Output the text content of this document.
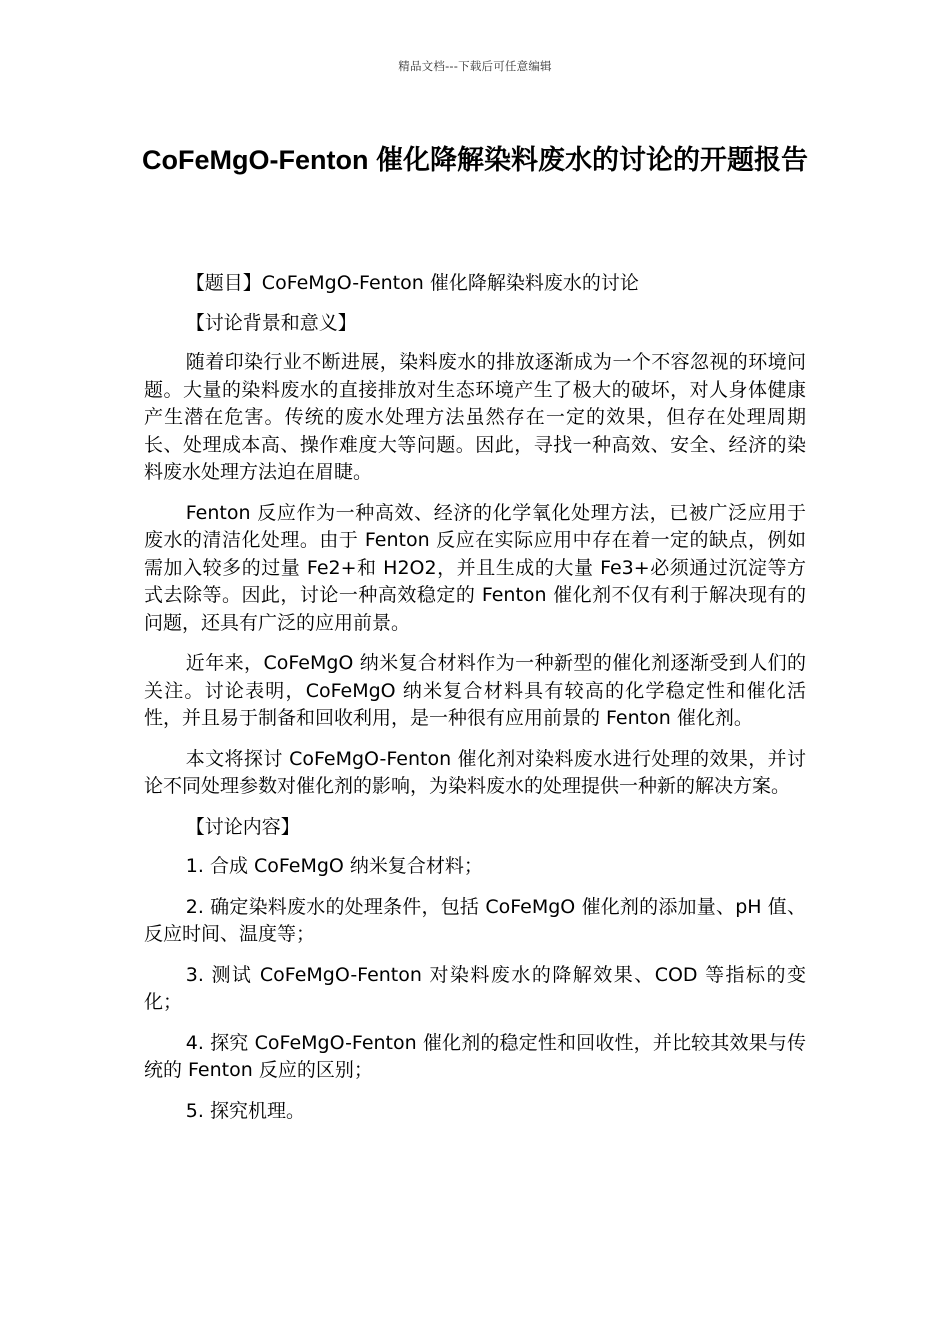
精品文档---下载后可任意编辑
CoFeMgO-Fenton 催化降解染料废水的讨论的开题报告

【题目】CoFeMgO-Fenton 催化降解染料废水的讨论

【讨论背景和意义】

随着印染行业不断进展，染料废水的排放逐渐成为一个不容忽视的环境问题。大量的染料废水的直接排放对生态环境产生了极大的破坏，对人身体健康产生潜在危害。传统的废水处理方法虽然存在一定的效果，但存在处理周期长、处理成本高、操作难度大等问题。因此，寻找一种高效、安全、经济的染料废水处理方法迫在眉睫。

Fenton 反应作为一种高效、经济的化学氧化处理方法，已被广泛应用于废水的清洁化处理。由于 Fenton 反应在实际应用中存在着一定的缺点，例如需加入较多的过量 Fe2+和 H2O2，并且生成的大量 Fe3+必须通过沉淀等方式去除等。因此，讨论一种高效稳定的 Fenton 催化剂不仅有利于解决现有的问题，还具有广泛的应用前景。

近年来，CoFeMgO 纳米复合材料作为一种新型的催化剂逐渐受到人们的关注。讨论表明，CoFeMgO 纳米复合材料具有较高的化学稳定性和催化活性，并且易于制备和回收利用，是一种很有应用前景的 Fenton 催化剂。

本文将探讨 CoFeMgO-Fenton 催化剂对染料废水进行处理的效果，并讨论不同处理参数对催化剂的影响，为染料废水的处理提供一种新的解决方案。

【讨论内容】

1. 合成 CoFeMgO 纳米复合材料；

2. 确定染料废水的处理条件，包括 CoFeMgO 催化剂的添加量、pH 值、反应时间、温度等；

3. 测试 CoFeMgO-Fenton 对染料废水的降解效果、COD 等指标的变化；

4. 探究 CoFeMgO-Fenton 催化剂的稳定性和回收性，并比较其效果与传统的 Fenton 反应的区别；

5. 探究机理。
